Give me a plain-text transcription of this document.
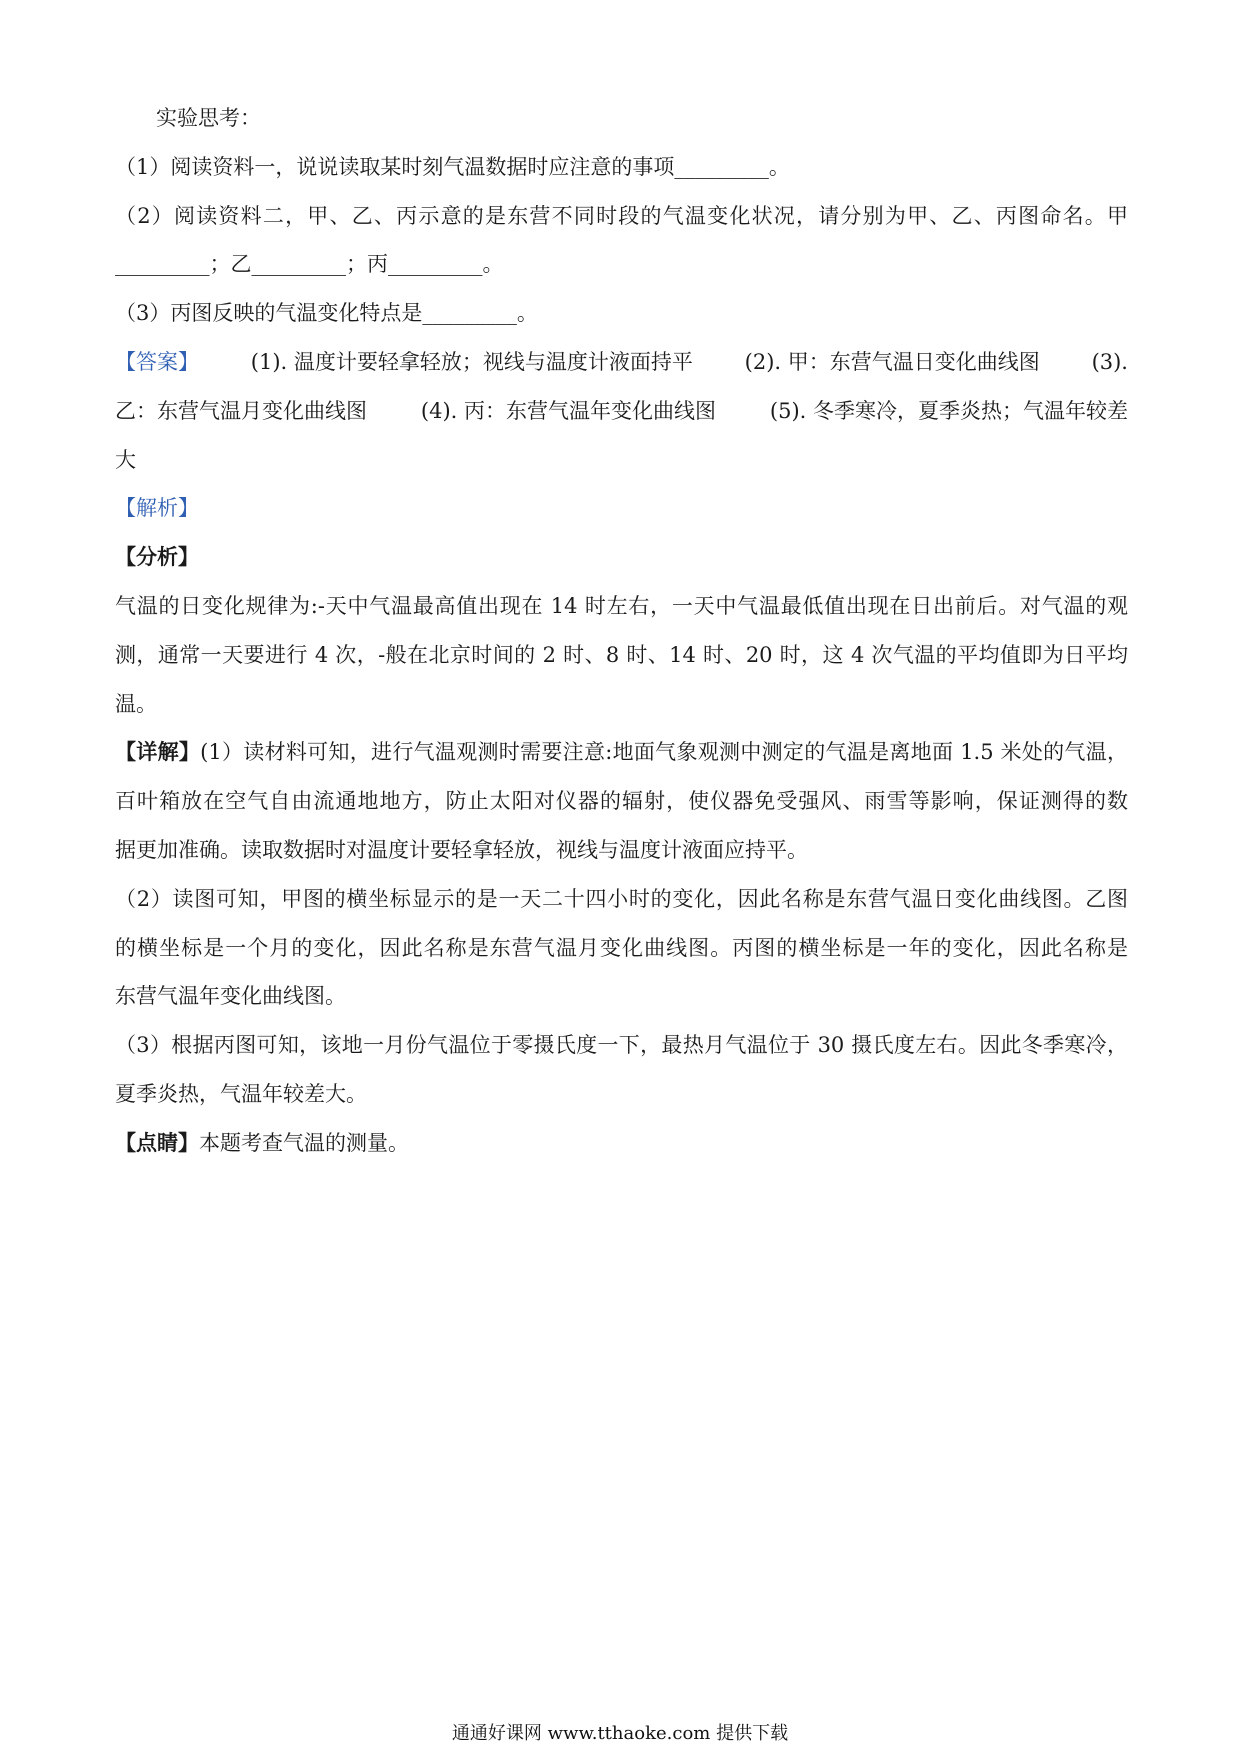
实验思考：
（1）阅读资料一，说说读取某时刻气温数据时应注意的事项_________。
（2）阅读资料二，甲、乙、丙示意的是东营不同时段的气温变化状况，请分别为甲、乙、丙图命名。甲
_________；乙_________；丙_________。
（3）丙图反映的气温变化特点是_________。
【答案】 (1). 温度计要轻拿轻放；视线与温度计液面持平 (2). 甲：东营气温日变化曲线图 (3).
乙：东营气温月变化曲线图	(4). 丙：东营气温年变化曲线图	(5). 冬季寒冷，夏季炎热；气温年较差
大
【解析】
【分析】
气温的日变化规律为:-天中气温最高值出现在 14 时左右，一天中气温最低值出现在日出前后。对气温的观
测，通常一天要进行 4 次，-般在北京时间的 2 时、8 时、14 时、20 时，这 4 次气温的平均值即为日平均
温。
【详解】(1）读材料可知，进行气温观测时需要注意:地面气象观测中测定的气温是离地面 1.5 米处的气温，
百叶箱放在空气自由流通地地方，防止太阳对仪器的辐射，使仪器免受强风、雨雪等影响，保证测得的数
据更加准确。读取数据时对温度计要轻拿轻放，视线与温度计液面应持平。
（2）读图可知，甲图的横坐标显示的是一天二十四小时的变化，因此名称是东营气温日变化曲线图。乙图
的横坐标是一个月的变化，因此名称是东营气温月变化曲线图。丙图的横坐标是一年的变化，因此名称是
东营气温年变化曲线图。
（3）根据丙图可知，该地一月份气温位于零摄氏度一下，最热月气温位于 30 摄氏度左右。因此冬季寒冷，
夏季炎热，气温年较差大。
【点睛】本题考查气温的测量。
通通好课网 www.tthaoke.com 提供下载
